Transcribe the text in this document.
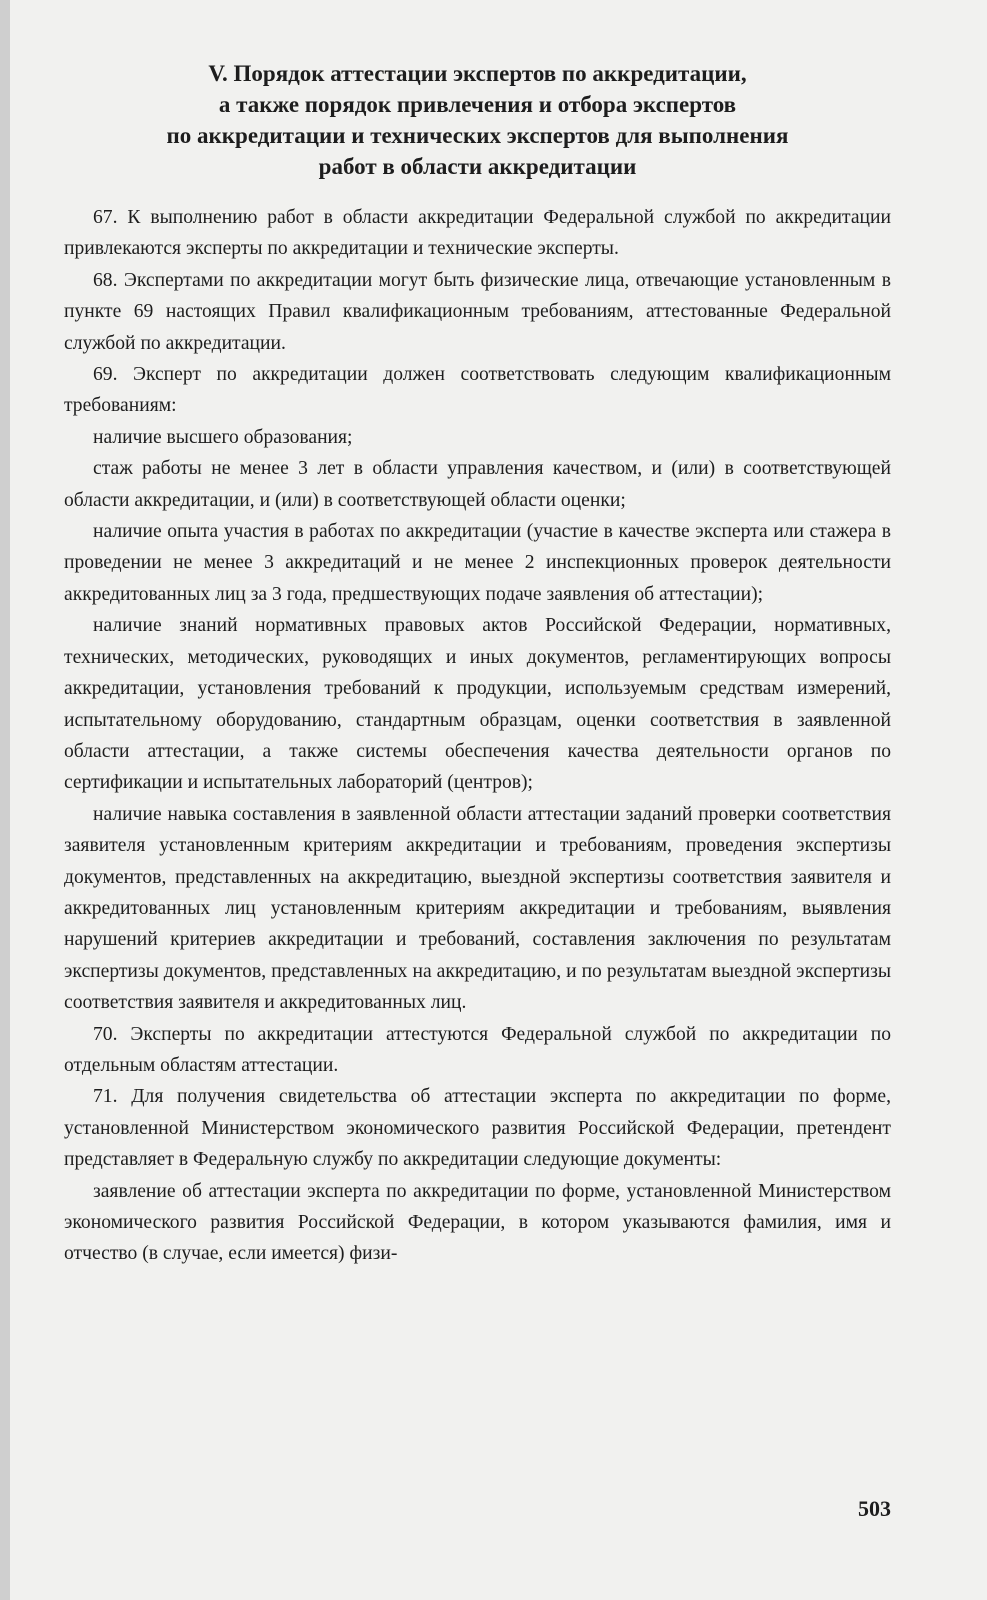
V. Порядок аттестации экспертов по аккредитации,
а также порядок привлечения и отбора экспертов
по аккредитации и технических экспертов для выполнения
работ в области аккредитации

67. К выполнению работ в области аккредитации Федеральной службой по аккредитации привлекаются эксперты по аккредитации и технические эксперты.

68. Экспертами по аккредитации могут быть физические лица, отвечающие установленным в пункте 69 настоящих Правил квалификационным требованиям, аттестованные Федеральной службой по аккредитации.

69. Эксперт по аккредитации должен соответствовать следующим квалификационным требованиям:

наличие высшего образования;

стаж работы не менее 3 лет в области управления качеством, и (или) в соответствующей области аккредитации, и (или) в соответствующей области оценки;

наличие опыта участия в работах по аккредитации (участие в качестве эксперта или стажера в проведении не менее 3 аккредитаций и не менее 2 инспекционных проверок деятельности аккредитованных лиц за 3 года, предшествующих подаче заявления об аттестации);

наличие знаний нормативных правовых актов Российской Федерации, нормативных, технических, методических, руководящих и иных документов, регламентирующих вопросы аккредитации, установления требований к продукции, используемым средствам измерений, испытательному оборудованию, стандартным образцам, оценки соответствия в заявленной области аттестации, а также системы обеспечения качества деятельности органов по сертификации и испытательных лабораторий (центров);

наличие навыка составления в заявленной области аттестации заданий проверки соответствия заявителя установленным критериям аккредитации и требованиям, проведения экспертизы документов, представленных на аккредитацию, выездной экспертизы соответствия заявителя и аккредитованных лиц установленным критериям аккредитации и требованиям, выявления нарушений критериев аккредитации и требований, составления заключения по результатам экспертизы документов, представленных на аккредитацию, и по результатам выездной экспертизы соответствия заявителя и аккредитованных лиц.

70. Эксперты по аккредитации аттестуются Федеральной службой по аккредитации по отдельным областям аттестации.

71. Для получения свидетельства об аттестации эксперта по аккредитации по форме, установленной Министерством экономического развития Российской Федерации, претендент представляет в Федеральную службу по аккредитации следующие документы:

заявление об аттестации эксперта по аккредитации по форме, установленной Министерством экономического развития Российской Федерации, в котором указываются фамилия, имя и отчество (в случае, если имеется) физи-

503
